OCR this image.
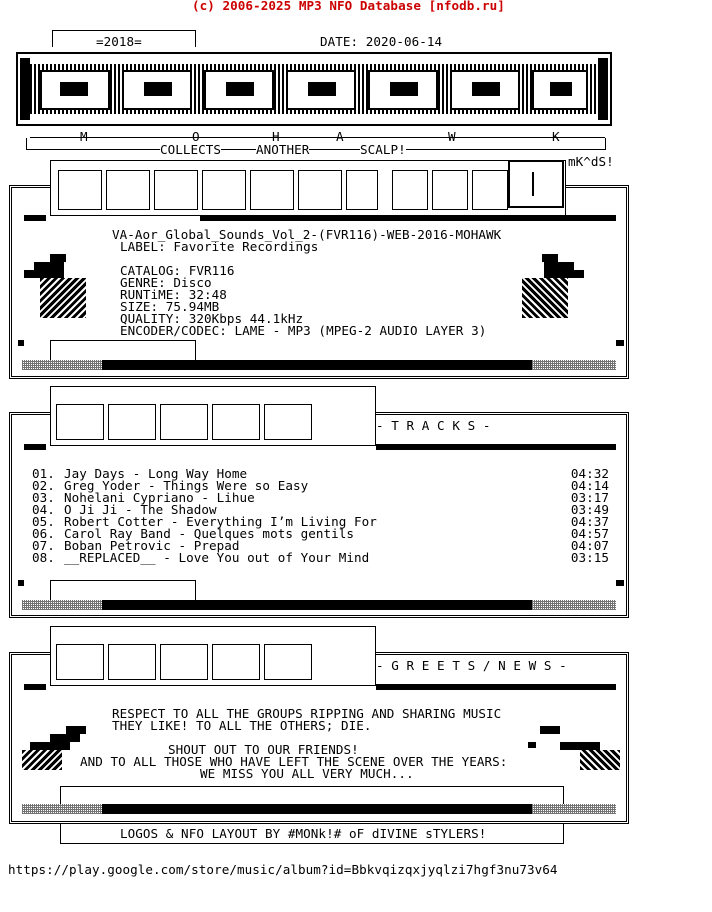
(c) 2006-2025 MP3 NFO Database [nfodb.ru]
=2018=	DATE: 2020-06-14
M	O	H	A	W	K
COLLECTS	ANOTHER	SCALP!
mK^dS!
VA-Aor_Global_Sounds_Vol_2-(FVR116)-WEB-2016-MOHAWK
LABEL: Favorite Recordings
CATALOG: FVR116
GENRE: Disco
RUNTiME: 32:48
SIZE: 75.94MB
QUALITY: 320Kbps 44.1kHz
ENCODER/CODEC: LAME - MP3 (MPEG-2 AUDIO LAYER 3)
- T R A C K S -
01. Jay Days - Long Way Home	04:32
02. Greg Yoder - Things Were so Easy	04:14
03. Nohelani Cypriano - Lihue	03:17
04. O Ji Ji - The Shadow	03:49
05. Robert Cotter - Everything I’m Living For	04:37
06. Carol Ray Band - Quelques mots gentils	04:57
07. Boban Petrovic - Prepad	04:07
08. __REPLACED__ - Love You out of Your Mind	03:15
- G R E E T S / N E W S -
RESPECT TO ALL THE GROUPS RIPPING AND SHARING MUSIC
THEY LIKE! TO ALL THE OTHERS; DIE.
SHOUT OUT TO OUR FRIENDS!
AND TO ALL THOSE WHO HAVE LEFT THE SCENE OVER THE YEARS:
WE MISS YOU ALL VERY MUCH...
LOGOS & NFO LAYOUT BY #MONk!# oF dIVINE sTYLERS!
https://play.google.com/store/music/album?id=Bbkvqizqxjyqlzi7hgf3nu73v64
